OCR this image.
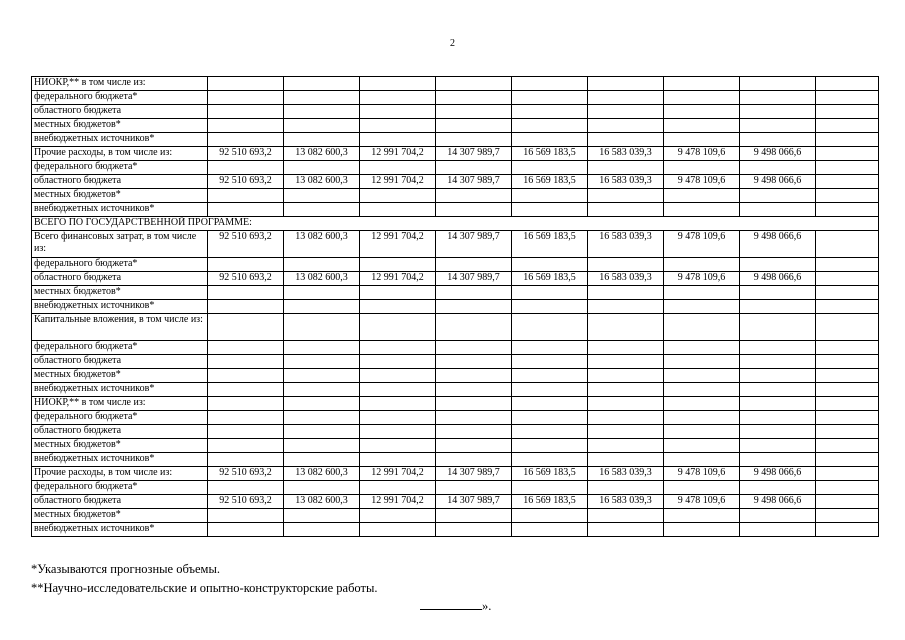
2
НИОКР,** в том числе из:									
федерального бюджета*									
областного бюджета									
местных бюджетов*									
внебюджетных источников*									
Прочие расходы, в том числе из:	92 510 693,2	13 082 600,3	12 991 704,2	14 307 989,7	16 569 183,5	16 583 039,3	9 478 109,6	9 498 066,6	
федерального бюджета*									
областного бюджета	92 510 693,2	13 082 600,3	12 991 704,2	14 307 989,7	16 569 183,5	16 583 039,3	9 478 109,6	9 498 066,6	
местных бюджетов*									
внебюджетных источников*									
ВСЕГО ПО ГОСУДАРСТВЕННОЙ ПРОГРАММЕ:									
Всего финансовых затрат, в том числе из:	92 510 693,2	13 082 600,3	12 991 704,2	14 307 989,7	16 569 183,5	16 583 039,3	9 478 109,6	9 498 066,6	
федерального бюджета*									
областного бюджета	92 510 693,2	13 082 600,3	12 991 704,2	14 307 989,7	16 569 183,5	16 583 039,3	9 478 109,6	9 498 066,6	
местных бюджетов*									
внебюджетных источников*									
Капитальные вложения, в том числе из:									
федерального бюджета*									
областного бюджета									
местных бюджетов*									
внебюджетных источников*									
НИОКР,** в том числе из:									
федерального бюджета*									
областного бюджета									
местных бюджетов*									
внебюджетных источников*									
Прочие расходы, в том числе из:	92 510 693,2	13 082 600,3	12 991 704,2	14 307 989,7	16 569 183,5	16 583 039,3	9 478 109,6	9 498 066,6	
федерального бюджета*									
областного бюджета	92 510 693,2	13 082 600,3	12 991 704,2	14 307 989,7	16 569 183,5	16 583 039,3	9 478 109,6	9 498 066,6	
местных бюджетов*									
внебюджетных источников*									
*Указываются прогнозные объемы.
**Научно-исследовательские и опытно-конструкторские работы.
».
